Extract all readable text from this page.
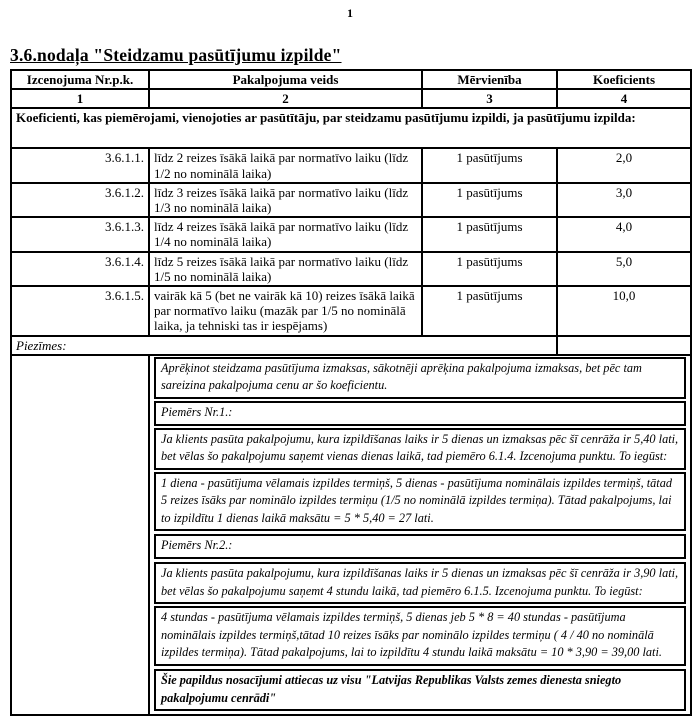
1
3.6.nodaļa "Steidzamu pasūtījumu izpilde"
Izcenojuma Nr.p.k.	Pakalpojuma veids	Mērvienība	Koeficients
1	2	3	4
Koeficienti, kas piemērojami, vienojoties ar pasūtītāju, par steidzamu pasūtījumu izpildi, ja pasūtījumu izpilda:			
3.6.1.1.	līdz 2 reizes īsākā laikā par normatīvo laiku (līdz 1/2 no nominālā laika)	1 pasūtījums	2,0
3.6.1.2.	līdz 3 reizes īsākā laikā par normatīvo laiku (līdz 1/3 no nominālā laika)	1 pasūtījums	3,0
3.6.1.3.	līdz 4 reizes īsākā laikā par normatīvo laiku (līdz 1/4 no nominālā laika)	1 pasūtījums	4,0
3.6.1.4.	līdz 5 reizes īsākā laikā par normatīvo laiku (līdz 1/5 no nominālā laika)	1 pasūtījums	5,0
3.6.1.5.	vairāk kā 5 (bet ne vairāk kā 10) reizes īsākā laikā par normatīvo laiku (mazāk par 1/5 no nominālā laika, ja tehniski tas ir iespējams)	1 pasūtījums	10,0
Piezīmes:			

Aprēķinot steidzama pasūtījuma izmaksas, sākotnēji aprēķina pakalpojuma izmaksas, bet pēc tam sareizina pakalpojuma cenu ar šo koeficientu.
Piemērs Nr.1.:
Ja klients pasūta pakalpojumu, kura izpildīšanas laiks ir 5 dienas un izmaksas pēc šī cenrāža ir 5,40 lati, bet vēlas šo pakalpojumu saņemt vienas dienas laikā, tad piemēro 6.1.4. Izcenojuma punktu. To iegūst:
1 diena - pasūtījuma vēlamais izpildes termiņš, 5 dienas - pasūtījuma nominālais izpildes termiņš, tātad 5 reizes īsāks par nominālo izpildes termiņu (1/5 no nominālā izpildes termiņa). Tātad pakalpojums, lai to izpildītu 1 dienas laikā maksātu = 5 * 5,40 = 27 lati.
Piemērs Nr.2.:
Ja klients pasūta pakalpojumu, kura izpildīšanas laiks ir 5 dienas un izmaksas pēc šī cenrāža ir 3,90 lati, bet vēlas šo pakalpojumu saņemt 4 stundu laikā, tad piemēro 6.1.5. Izcenojuma punktu. To iegūst:
4 stundas - pasūtījuma vēlamais izpildes termiņš, 5 dienas jeb 5 * 8 = 40 stundas - pasūtījuma nominālais izpildes termiņš,tātad 10 reizes īsāks par nominālo izpildes termiņu ( 4 / 40 no nominālā izpildes termiņa). Tātad pakalpojums, lai to izpildītu 4 stundu laikā maksātu = 10 * 3,90 = 39,00 lati.
Šie papildus nosacījumi attiecas uz visu "Latvijas Republikas Valsts zemes dienesta sniegto pakalpojumu cenrādi"
